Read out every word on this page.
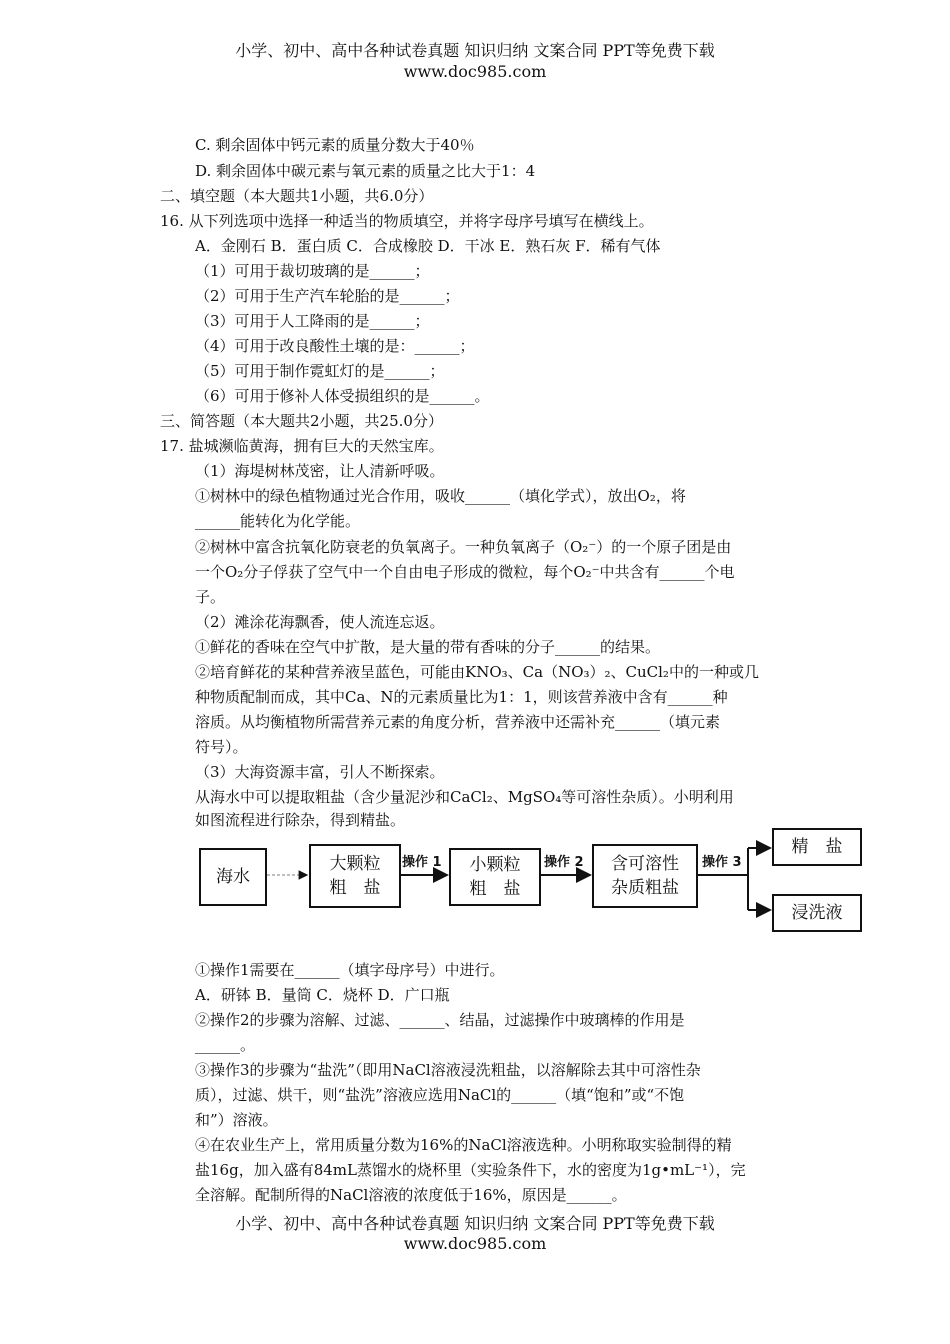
小学、初中、高中各种试卷真题 知识归纳 文案合同 PPT等免费下载
www.doc985.com
C. 剩余固体中钙元素的质量分数大于40％
D. 剩余固体中碳元素与氧元素的质量之比大于1：4
二、填空题（本大题共1小题，共6.0分）
16. 从下列选项中选择一种适当的物质填空，并将字母序号填写在横线上。
A．金刚石 B．蛋白质 C．合成橡胶 D．干冰 E．熟石灰 F．稀有气体
（1）可用于裁切玻璃的是______；
（2）可用于生产汽车轮胎的是______；
（3）可用于人工降雨的是______；
（4）可用于改良酸性土壤的是：______；
（5）可用于制作霓虹灯的是______；
（6）可用于修补人体受损组织的是______。
三、简答题（本大题共2小题，共25.0分）
17. 盐城濒临黄海，拥有巨大的天然宝库。
（1）海堤树林茂密，让人清新呼吸。
①树林中的绿色植物通过光合作用，吸收______（填化学式），放出O₂，将
______能转化为化学能。
②树林中富含抗氧化防衰老的负氧离子。一种负氧离子（O₂⁻）的一个原子团是由
一个O₂分子俘获了空气中一个自由电子形成的微粒，每个O₂⁻中共含有______个电
子。
（2）滩涂花海飘香，使人流连忘返。
①鲜花的香味在空气中扩散，是大量的带有香味的分子______的结果。
②培育鲜花的某种营养液呈蓝色，可能由KNO₃、Ca（NO₃）₂、CuCl₂中的一种或几
种物质配制而成，其中Ca、N的元素质量比为1：1，则该营养液中含有______种
溶质。从均衡植物所需营养元素的角度分析，营养液中还需补充______（填元素
符号）。
（3）大海资源丰富，引人不断探索。
从海水中可以提取粗盐（含少量泥沙和CaCl₂、MgSO₄等可溶性杂质）。小明利用
如图流程进行除杂，得到精盐。
海水
大颗粒
粗　盐
小颗粒
粗　盐
含可溶性
杂质粗盐
精　盐
浸洗液
操作 1	操作 2	操作 3
①操作1需要在______（填字母序号）中进行。
A．研钵 B．量筒 C．烧杯 D．广口瓶
②操作2的步骤为溶解、过滤、______、结晶，过滤操作中玻璃棒的作用是
______。
③操作3的步骤为“盐洗”（即用NaCl溶液浸洗粗盐，以溶解除去其中可溶性杂
质），过滤、烘干，则“盐洗”溶液应选用NaCl的______（填“饱和”或“不饱
和”）溶液。
④在农业生产上，常用质量分数为16%的NaCl溶液选种。小明称取实验制得的精
盐16g，加入盛有84mL蒸馏水的烧杯里（实验条件下，水的密度为1g•mL⁻¹），完
全溶解。配制所得的NaCl溶液的浓度低于16%，原因是______。
小学、初中、高中各种试卷真题 知识归纳 文案合同 PPT等免费下载
www.doc985.com
